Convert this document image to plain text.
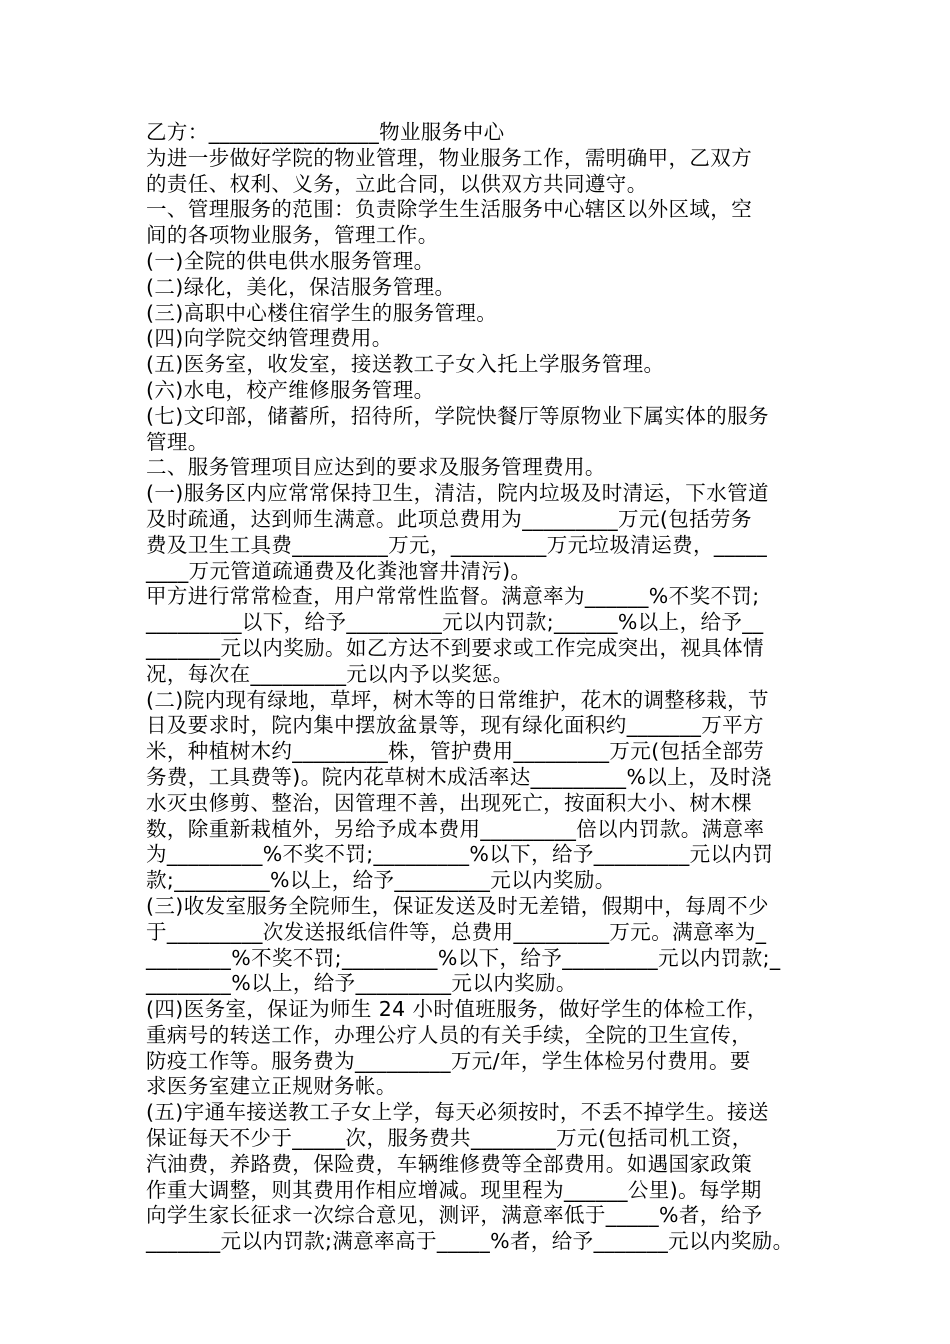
乙方：________________物业服务中心
为进一步做好学院的物业管理，物业服务工作，需明确甲，乙双方
的责任、权利、义务，立此合同，以供双方共同遵守。
一、管理服务的范围：负责除学生生活服务中心辖区以外区域，空
间的各项物业服务，管理工作。
(一)全院的供电供水服务管理。
(二)绿化，美化，保洁服务管理。
(三)高职中心楼住宿学生的服务管理。
(四)向学院交纳管理费用。
(五)医务室，收发室，接送教工子女入托上学服务管理。
(六)水电，校产维修服务管理。
(七)文印部，储蓄所，招待所，学院快餐厅等原物业下属实体的服务
管理。
二、服务管理项目应达到的要求及服务管理费用。
(一)服务区内应常常保持卫生，清洁，院内垃圾及时清运，下水管道
及时疏通，达到师生满意。此项总费用为_________万元(包括劳务
费及卫生工具费_________万元，_________万元垃圾清运费，_____
____万元管道疏通费及化粪池窨井清污)。
甲方进行常常检查，用户常常性监督。满意率为______%不奖不罚;
_________以下，给予_________元以内罚款;______%以上，给予__
_______元以内奖励。如乙方达不到要求或工作完成突出，视具体情
况，每次在_________元以内予以奖惩。
(二)院内现有绿地，草坪，树木等的日常维护，花木的调整移栽，节
日及要求时，院内集中摆放盆景等，现有绿化面积约_______万平方
米，种植树木约_________株，管护费用_________万元(包括全部劳
务费，工具费等)。院内花草树木成活率达_________%以上，及时浇
水灭虫修剪、整治，因管理不善，出现死亡，按面积大小、树木棵
数，除重新栽植外，另给予成本费用_________倍以内罚款。满意率
为_________%不奖不罚;_________%以下，给予_________元以内罚
款;_________%以上，给予_________元以内奖励。
(三)收发室服务全院师生，保证发送及时无差错，假期中，每周不少
于_________次发送报纸信件等，总费用_________万元。满意率为_
________%不奖不罚;_________%以下，给予_________元以内罚款;_
________%以上，给予_________元以内奖励。
(四)医务室，保证为师生 24 小时值班服务，做好学生的体检工作，
重病号的转送工作，办理公疗人员的有关手续，全院的卫生宣传，
防疫工作等。服务费为_________万元/年，学生体检另付费用。要
求医务室建立正规财务帐。
(五)宇通车接送教工子女上学，每天必须按时，不丢不掉学生。接送
保证每天不少于_____次，服务费共________万元(包括司机工资，
汽油费，养路费，保险费，车辆维修费等全部费用。如遇国家政策
作重大调整，则其费用作相应增减。现里程为______公里)。每学期
向学生家长征求一次综合意见，测评，满意率低于_____%者，给予
_______元以内罚款;满意率高于_____%者，给予_______元以内奖励。
